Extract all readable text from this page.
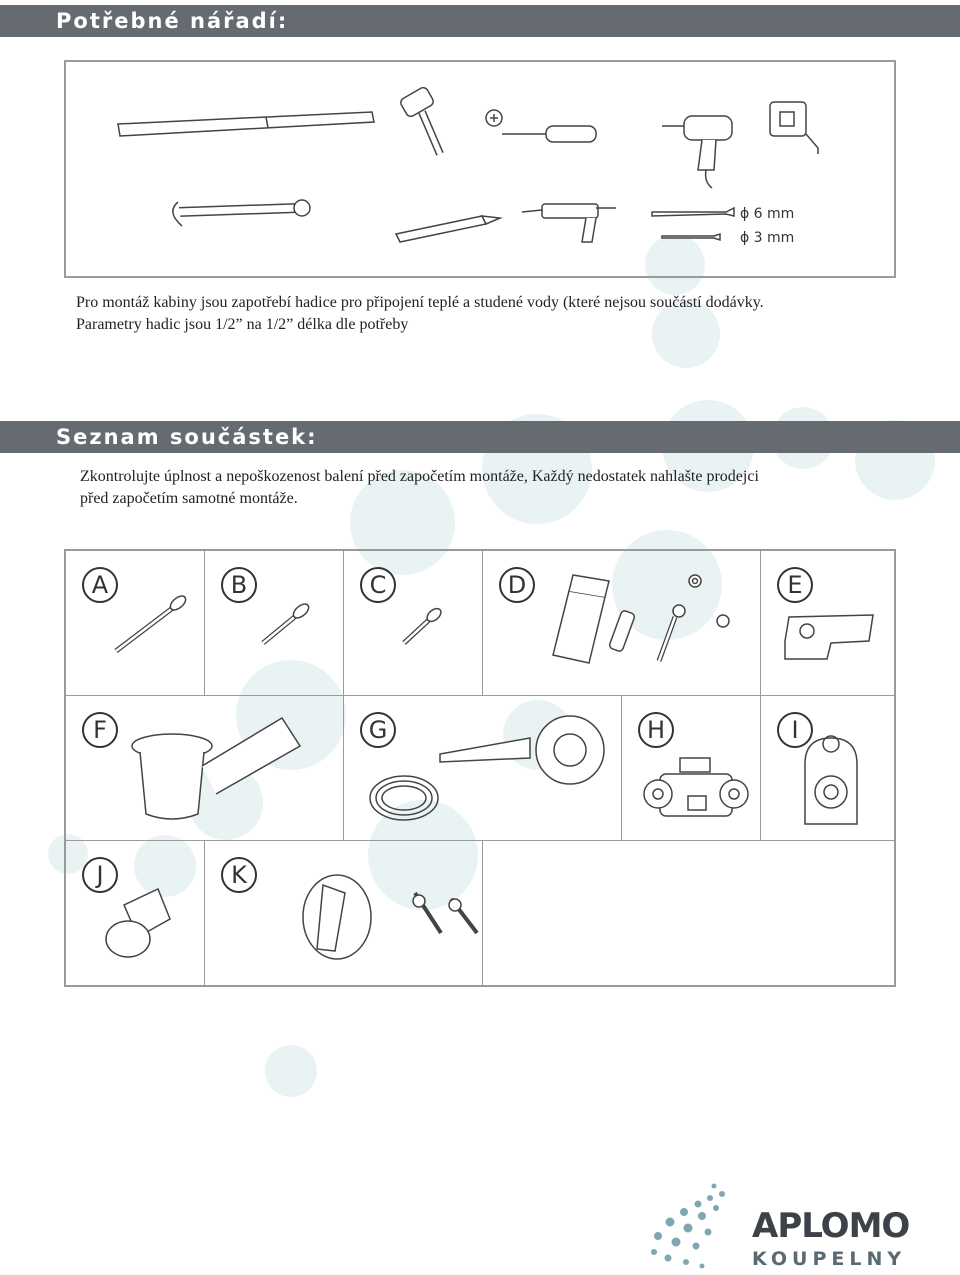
Potřebné nářadí:
ϕ 6 mm
ϕ 3 mm
Pro montáž kabiny jsou zapotřebí hadice pro připojení teplé a studené vody (které nejsou součástí dodávky.
Parametry hadic jsou 1/2” na 1/2” délka dle potřeby
Seznam součástek:
Zkontrolujte úplnost a nepoškozenost balení před započetím montáže, Každý nedostatek nahlašte prodejci
před započetím samotné montáže.
A	B	C	D	E
F	G	H	I
J	K
APLOMO
KOUPELNY
